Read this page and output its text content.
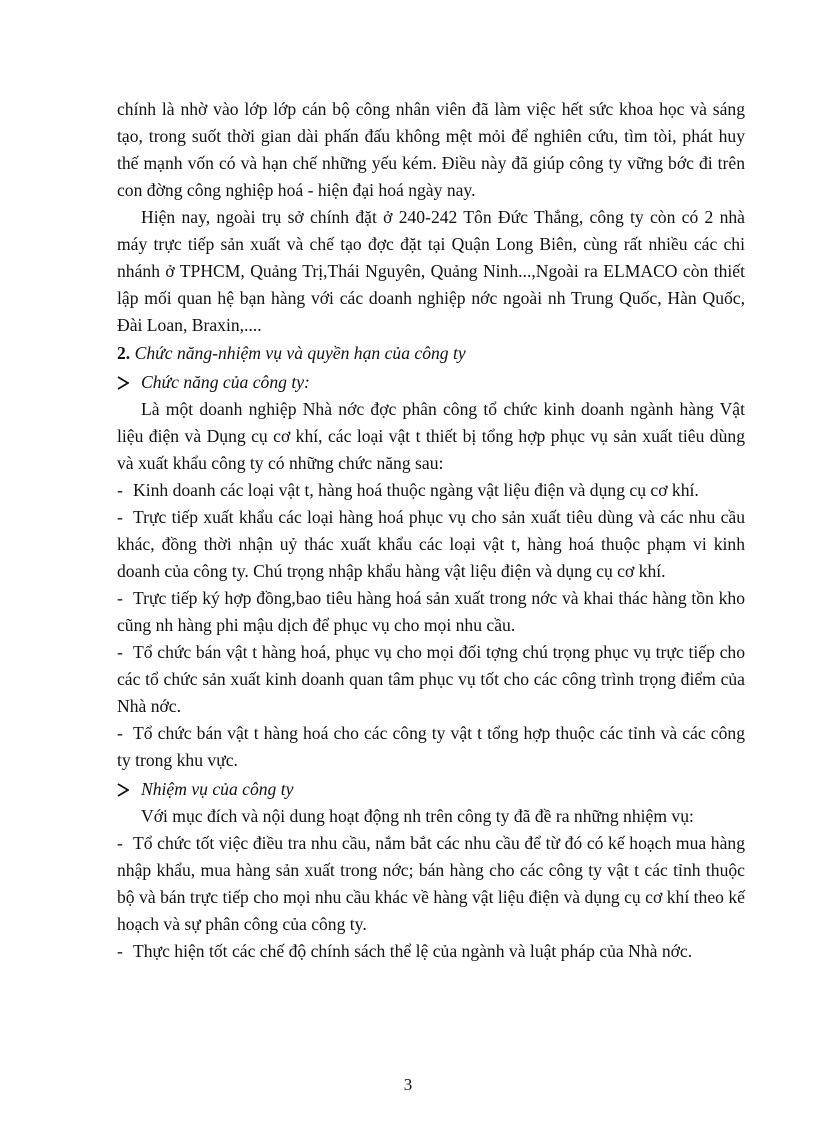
chính là nhờ vào lớp lớp cán bộ công nhân viên đã làm việc hết sức khoa học và sáng tạo, trong suốt thời gian dài phấn đấu không mệt mỏi để nghiên cứu, tìm tòi, phát huy thế mạnh vốn có và hạn chế những yếu kém. Điều này đã giúp công ty vững bớc đi trên con đờng công nghiệp hoá - hiện đại hoá ngày nay.

Hiện nay, ngoài trụ sở chính đặt ở 240-242 Tôn Đức Thắng, công ty còn có 2 nhà máy trực tiếp sản xuất và chế tạo đợc đặt tại Quận Long Biên, cùng rất nhiều các chi nhánh ở TPHCM, Quảng Trị,Thái Nguyên, Quảng Ninh...,Ngoài ra ELMACO còn thiết lập mối quan hệ bạn hàng với các doanh nghiệp nớc ngoài nh Trung Quốc, Hàn Quốc, Đài Loan, Braxin,....

2. Chức năng-nhiệm vụ và quyền hạn của công ty

Chức năng của công ty:

Là một doanh nghiệp Nhà nớc đợc phân công tổ chức kinh doanh ngành hàng Vật liệu điện và Dụng cụ cơ khí, các loại vật t thiết bị tổng hợp phục vụ sản xuất tiêu dùng và xuất khẩu công ty có những chức năng sau:

- Kinh doanh các loại vật t, hàng hoá thuộc ngàng vật liệu điện và dụng cụ cơ khí.

- Trực tiếp xuất khẩu các loại hàng hoá phục vụ cho sản xuất tiêu dùng và các nhu cầu khác, đồng thời nhận uỷ thác xuất khẩu các loại vật t, hàng hoá thuộc phạm vi kinh doanh của công ty. Chú trọng nhập khẩu hàng vật liệu điện và dụng cụ cơ khí.

- Trực tiếp ký hợp đồng,bao tiêu hàng hoá sản xuất trong nớc và khai thác hàng tồn kho cũng nh hàng phi mậu dịch để phục vụ cho mọi nhu cầu.

- Tổ chức bán vật t hàng hoá, phục vụ cho mọi đối tợng chú trọng phục vụ trực tiếp cho các tổ chức sản xuất kinh doanh quan tâm phục vụ tốt cho các công trình trọng điểm của Nhà nớc.

- Tổ chức bán vật t hàng hoá cho các công ty vật t tổng hợp thuộc các tỉnh và các công ty trong khu vực.

Nhiệm vụ của công ty

Với mục đích và nội dung hoạt động nh trên công ty đã đề ra những nhiệm vụ:

- Tổ chức tốt việc điều tra nhu cầu, nắm bắt các nhu cầu để từ đó có kế hoạch mua hàng nhập khẩu, mua hàng sản xuất trong nớc; bán hàng cho các công ty vật t các tỉnh thuộc bộ và bán trực tiếp cho mọi nhu cầu khác về hàng vật liệu điện và dụng cụ cơ khí theo kế hoạch và sự phân công của công ty.

- Thực hiện tốt các chế độ chính sách thể lệ của ngành và luật pháp của Nhà nớc.

3
